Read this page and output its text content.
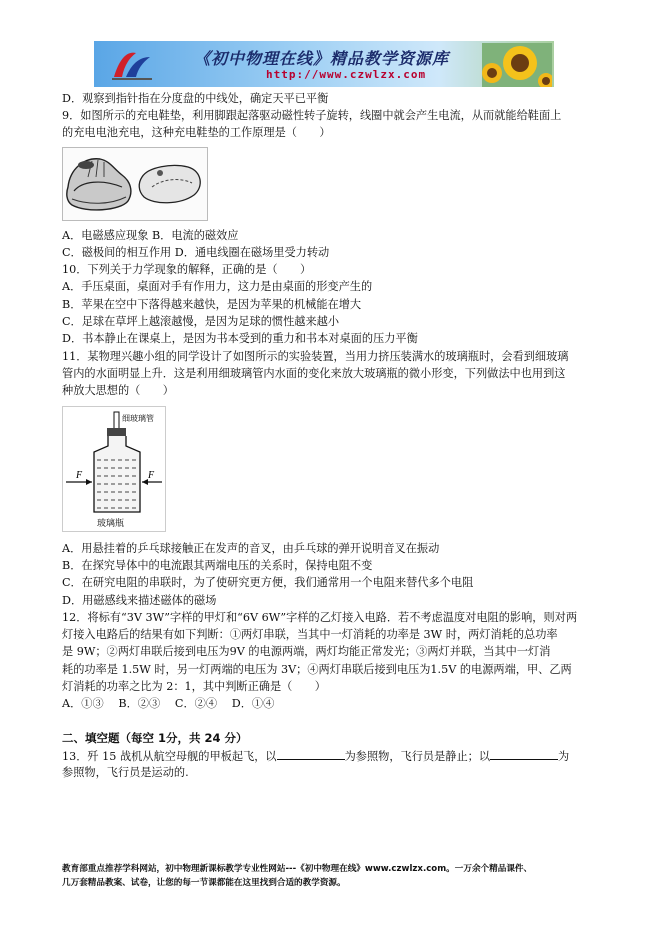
《初中物理在线》精品教学资源库
http://www.czwlzx.com
D．观察到指针指在分度盘的中线处，确定天平已平衡
9．如图所示的充电鞋垫，利用脚跟起落驱动磁性转子旋转，线圈中就会产生电流，从而就能给鞋面上
的充电电池充电，这种充电鞋垫的工作原理是（　　）
A．电磁感应现象 B．电流的磁效应
C．磁极间的相互作用 D．通电线圈在磁场里受力转动
10．下列关于力学现象的解释，正确的是（　　）
A．手压桌面，桌面对手有作用力，这力是由桌面的形变产生的
B．苹果在空中下落得越来越快，是因为苹果的机械能在增大
C．足球在草坪上越滚越慢，是因为足球的惯性越来越小
D．书本静止在课桌上，是因为书本受到的重力和书本对桌面的压力平衡
11．某物理兴趣小组的同学设计了如图所示的实验装置，当用力挤压装满水的玻璃瓶时，会看到细玻璃
管内的水面明显上升．这是利用细玻璃管内水面的变化来放大玻璃瓶的微小形变，下列做法中也用到这
种放大思想的（　　）
F	F
细玻璃管
玻璃瓶
A．用悬挂着的乒乓球接触正在发声的音叉，由乒乓球的弹开说明音叉在振动
B．在探究导体中的电流跟其两端电压的关系时，保持电阻不变
C．在研究电阻的串联时，为了使研究更方便，我们通常用一个电阻来替代多个电阻
D．用磁感线来描述磁体的磁场
12．将标有“3V 3W”字样的甲灯和“6V 6W”字样的乙灯接入电路．若不考虑温度对电阻的影响，则对两
灯接入电路后的结果有如下判断：①两灯串联，当其中一灯消耗的功率是 3W 时，两灯消耗的总功率
是 9W；②两灯串联后接到电压为9V 的电源两端，两灯均能正常发光；③两灯并联，当其中一灯消
耗的功率是 1.5W 时，另一灯两端的电压为 3V；④两灯串联后接到电压为1.5V 的电源两端，甲、乙两
灯消耗的功率之比为 2：1，其中判断正确是（　　）
A．①③　 B．②③　 C．②④　 D．①④
二、填空题（每空 1分，共 24 分）
13．歼 15 战机从航空母舰的甲板起飞，以	为参照物，飞行员是静止；以	为
参照物，飞行员是运动的.
教育部重点推荐学科网站，初中物理新课标教学专业性网站---《初中物理在线》www.czwlzx.com。一万余个精品课件、
几万套精品教案、试卷，让您的每一节课都能在这里找到合适的教学资源。
